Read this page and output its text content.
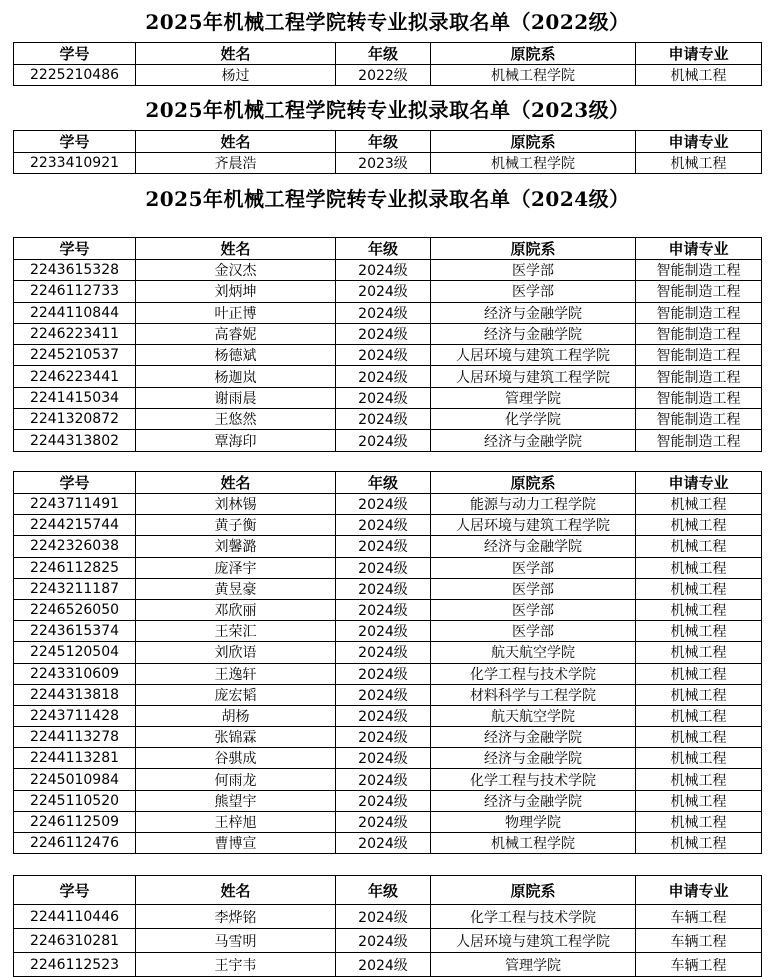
2025年机械工程学院转专业拟录取名单（2022级）
学号	姓名	年级	原院系	申请专业
2225210486	杨过	2022级	机械工程学院	机械工程
2025年机械工程学院转专业拟录取名单（2023级）
学号	姓名	年级	原院系	申请专业
2233410921	齐晨浩	2023级	机械工程学院	机械工程
2025年机械工程学院转专业拟录取名单（2024级）
学号	姓名	年级	原院系	申请专业
2243615328	金汉杰	2024级	医学部	智能制造工程
2246112733	刘炳坤	2024级	医学部	智能制造工程
2244110844	叶正博	2024级	经济与金融学院	智能制造工程
2246223411	高睿妮	2024级	经济与金融学院	智能制造工程
2245210537	杨德斌	2024级	人居环境与建筑工程学院	智能制造工程
2246223441	杨迦岚	2024级	人居环境与建筑工程学院	智能制造工程
2241415034	谢雨晨	2024级	管理学院	智能制造工程
2241320872	王悠然	2024级	化学学院	智能制造工程
2244313802	覃海印	2024级	经济与金融学院	智能制造工程
学号	姓名	年级	原院系	申请专业
2243711491	刘林锡	2024级	能源与动力工程学院	机械工程
2244215744	黄子衡	2024级	人居环境与建筑工程学院	机械工程
2242326038	刘馨潞	2024级	经济与金融学院	机械工程
2246112825	庞泽宇	2024级	医学部	机械工程
2243211187	黄昱豪	2024级	医学部	机械工程
2246526050	邓欣丽	2024级	医学部	机械工程
2243615374	王荣汇	2024级	医学部	机械工程
2245120504	刘欣语	2024级	航天航空学院	机械工程
2243310609	王逸轩	2024级	化学工程与技术学院	机械工程
2244313818	庞宏韬	2024级	材料科学与工程学院	机械工程
2243711428	胡杨	2024级	航天航空学院	机械工程
2244113278	张锦霖	2024级	经济与金融学院	机械工程
2244113281	谷骐成	2024级	经济与金融学院	机械工程
2245010984	何雨龙	2024级	化学工程与技术学院	机械工程
2245110520	熊望宇	2024级	经济与金融学院	机械工程
2246112509	王梓旭	2024级	物理学院	机械工程
2246112476	曹博宣	2024级	机械工程学院	机械工程
学号	姓名	年级	原院系	申请专业
2244110446	李烨铭	2024级	化学工程与技术学院	车辆工程
2246310281	马雪明	2024级	人居环境与建筑工程学院	车辆工程
2246112523	王宇韦	2024级	管理学院	车辆工程
